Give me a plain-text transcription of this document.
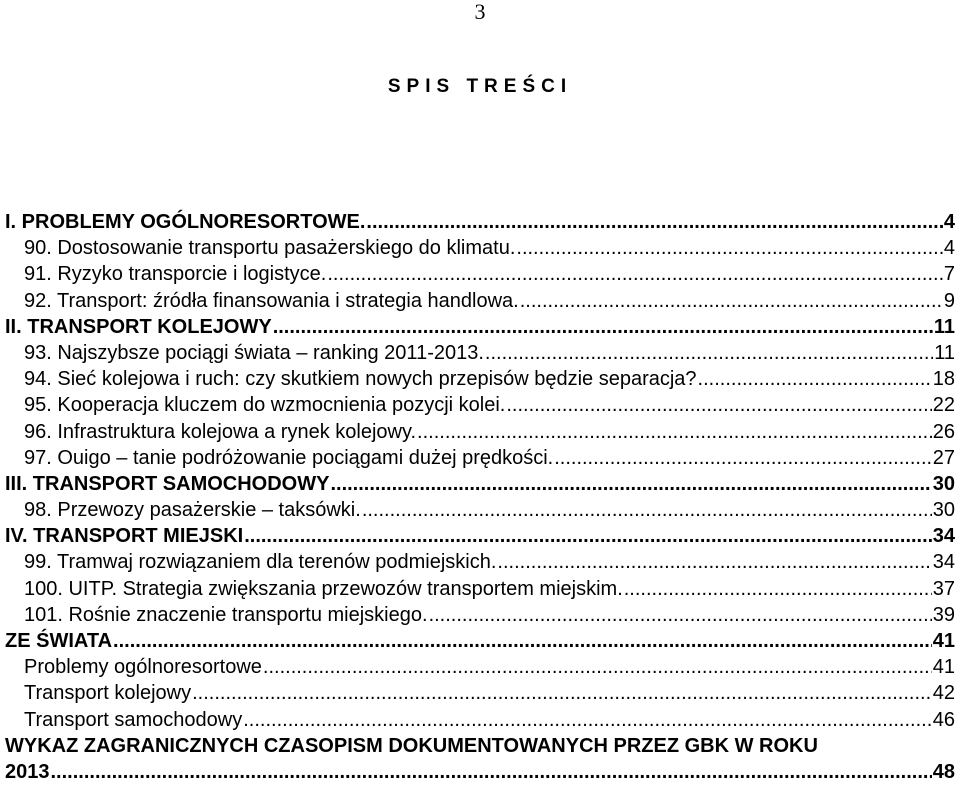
3
SPIS TREŚCI
I. PROBLEMY OGÓLNORESORTOWE. .....	4
90. Dostosowanie transportu pasażerskiego do klimatu. .....	4
91. Ryzyko transporcie i logistyce. .....	7
92. Transport: źródła finansowania i strategia handlowa. .....	9
II. TRANSPORT KOLEJOWY .....	11
93. Najszybsze pociągi świata – ranking 2011-2013. .....	11
94. Sieć kolejowa i ruch: czy skutkiem nowych przepisów będzie separacja? .....	18
95. Kooperacja kluczem do wzmocnienia pozycji kolei. .....	22
96. Infrastruktura kolejowa a rynek kolejowy. .....	26
97. Ouigo – tanie podróżowanie pociągami dużej prędkości. .....	27
III. TRANSPORT SAMOCHODOWY .....	30
98. Przewozy pasażerskie – taksówki. .....	30
IV. TRANSPORT MIEJSKI .....	34
99. Tramwaj rozwiązaniem dla terenów podmiejskich. .....	34
100. UITP. Strategia zwiększania przewozów transportem miejskim. .....	37
101. Rośnie znaczenie transportu miejskiego. .....	39
ZE ŚWIATA .....	41
Problemy ogólnoresortowe .....	41
Transport kolejowy .....	42
Transport samochodowy .....	46
WYKAZ ZAGRANICZNYCH CZASOPISM DOKUMENTOWANYCH PRZEZ GBK W ROKU
2013 .....	48
